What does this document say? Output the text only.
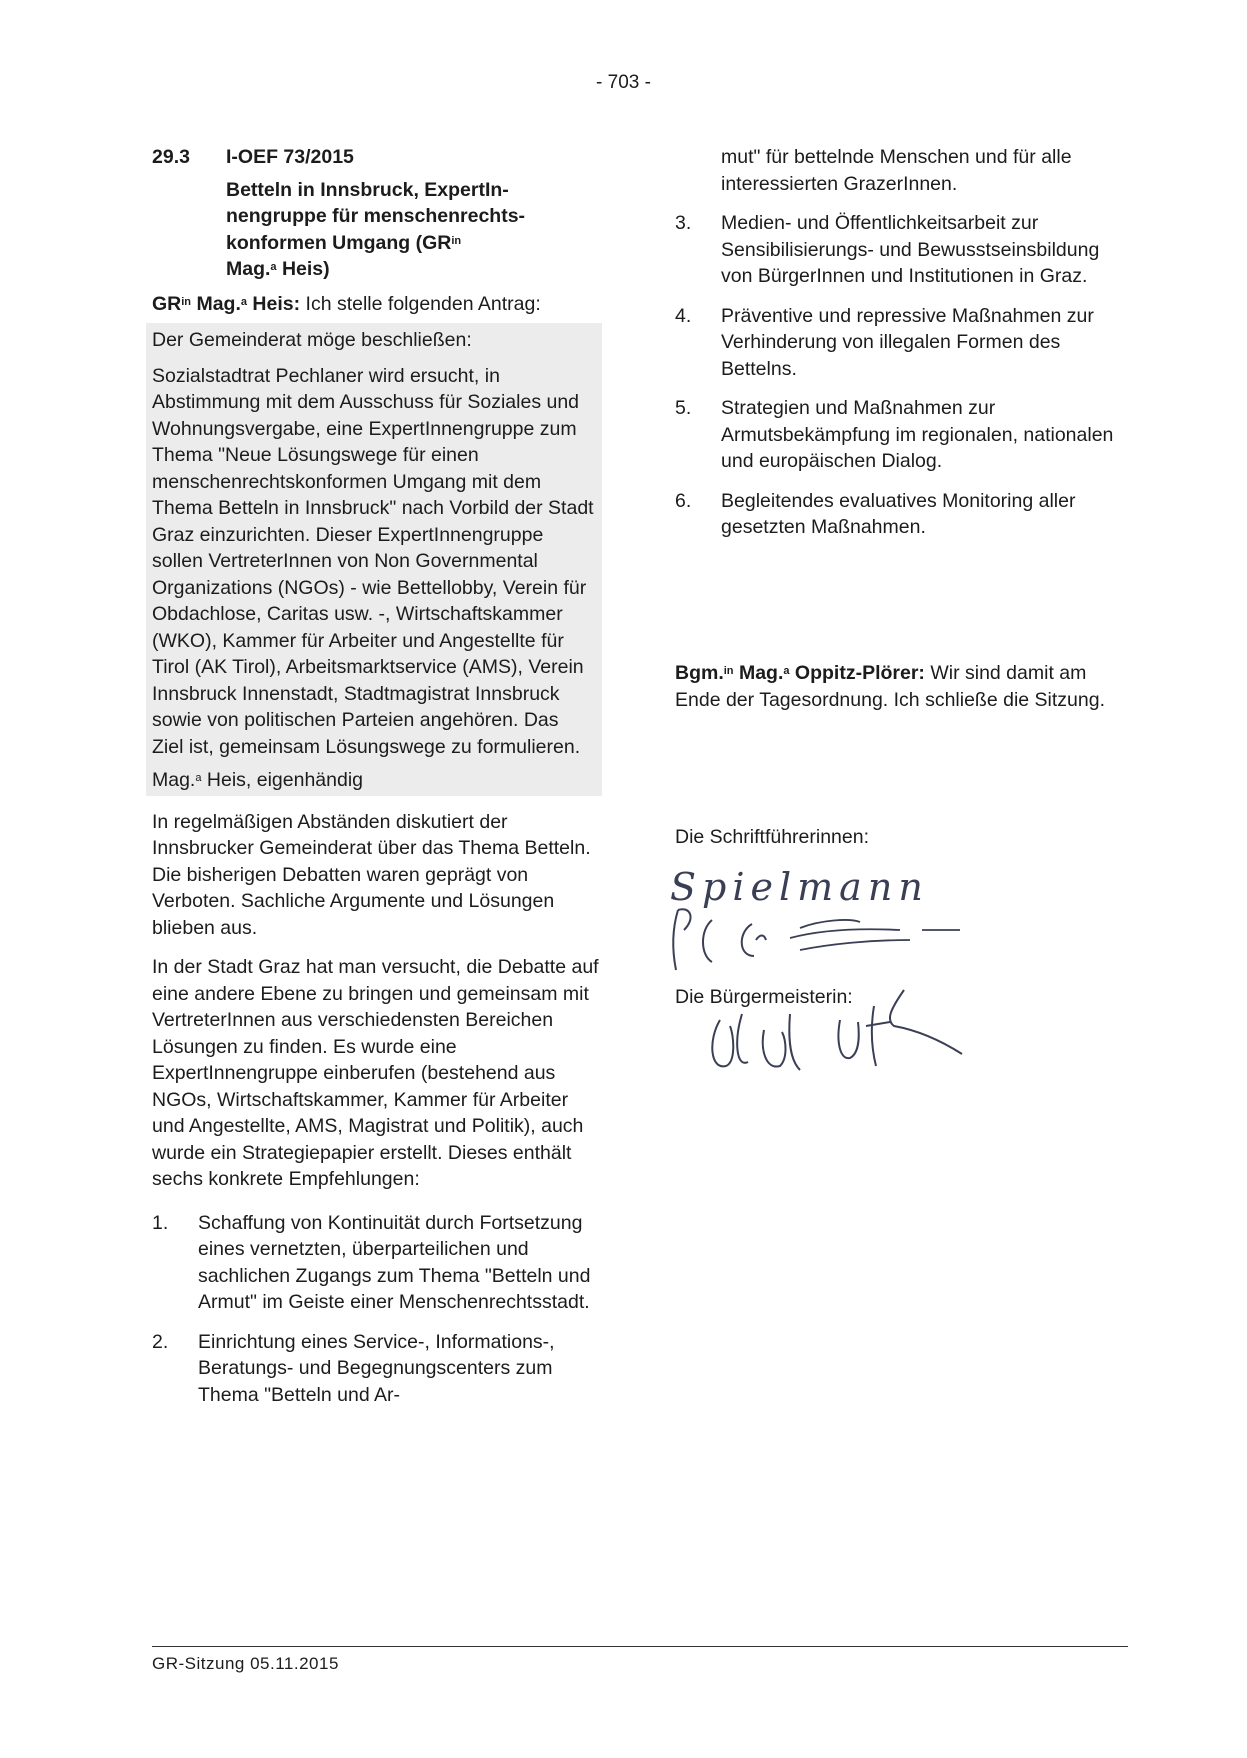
- 703 -
29.3	I-OEF 73/2015
Betteln in Innsbruck, ExpertIn-
nengruppe für menschenrechts-
konformen Umgang ($GR^{in}$
Mag.$^a$ Heis)

$GR^{in}$ Mag.$^a$ Heis: Ich stelle folgenden Antrag:

Der Gemeinderat möge beschließen:

Sozialstadtrat Pechlaner wird ersucht, in Abstimmung mit dem Ausschuss für Soziales und Wohnungsvergabe, eine ExpertInnengruppe zum Thema "Neue Lösungswege für einen menschenrechtskonformen Umgang mit dem Thema Betteln in Innsbruck" nach Vorbild der Stadt Graz einzurichten. Dieser ExpertInnengruppe sollen VertreterInnen von Non Governmental Organizations (NGOs) - wie Bettellobby, Verein für Obdachlose, Caritas usw. -, Wirtschaftskammer (WKO), Kammer für Arbeiter und Angestellte für Tirol (AK Tirol), Arbeitsmarktservice (AMS), Verein Innsbruck Innenstadt, Stadtmagistrat Innsbruck sowie von politischen Parteien angehören. Das Ziel ist, gemeinsam Lösungswege zu formulieren.

Mag.$^a$ Heis, eigenhändig

In regelmäßigen Abständen diskutiert der Innsbrucker Gemeinderat über das Thema Betteln. Die bisherigen Debatten waren geprägt von Verboten. Sachliche Argumente und Lösungen blieben aus.

In der Stadt Graz hat man versucht, die Debatte auf eine andere Ebene zu bringen und gemeinsam mit VertreterInnen aus verschiedensten Bereichen Lösungen zu finden. Es wurde eine ExpertInnengruppe einberufen (bestehend aus NGOs, Wirtschaftskammer, Kammer für Arbeiter und Angestellte, AMS, Magistrat und Politik), auch wurde ein Strategiepapier erstellt. Dieses enthält sechs konkrete Empfehlungen:

1.	Schaffung von Kontinuität durch Fortsetzung eines vernetzten, überparteilichen und sachlichen Zugangs zum Thema "Betteln und Armut" im Geiste einer Menschenrechtsstadt.
2.	Einrichtung eines Service-, Informations-, Beratungs- und Begegnungscenters zum Thema "Betteln und Ar-
mut" für bettelnde Menschen und für alle interessierten GrazerInnen.
3.	Medien- und Öffentlichkeitsarbeit zur Sensibilisierungs- und Bewusstseinsbildung von BürgerInnen und Institutionen in Graz.
4.	Präventive und repressive Maßnahmen zur Verhinderung von illegalen Formen des Bettelns.
5.	Strategien und Maßnahmen zur Armutsbekämpfung im regionalen, nationalen und europäischen Dialog.
6.	Begleitendes evaluatives Monitoring aller gesetzten Maßnahmen.

Bgm.$^{in}$ Mag.$^a$ Oppitz-Plörer: Wir sind damit am Ende der Tagesordnung. Ich schließe die Sitzung.

Die Schriftführerinnen:
Spielmann
Die Bürgermeisterin:
GR-Sitzung 05.11.2015
